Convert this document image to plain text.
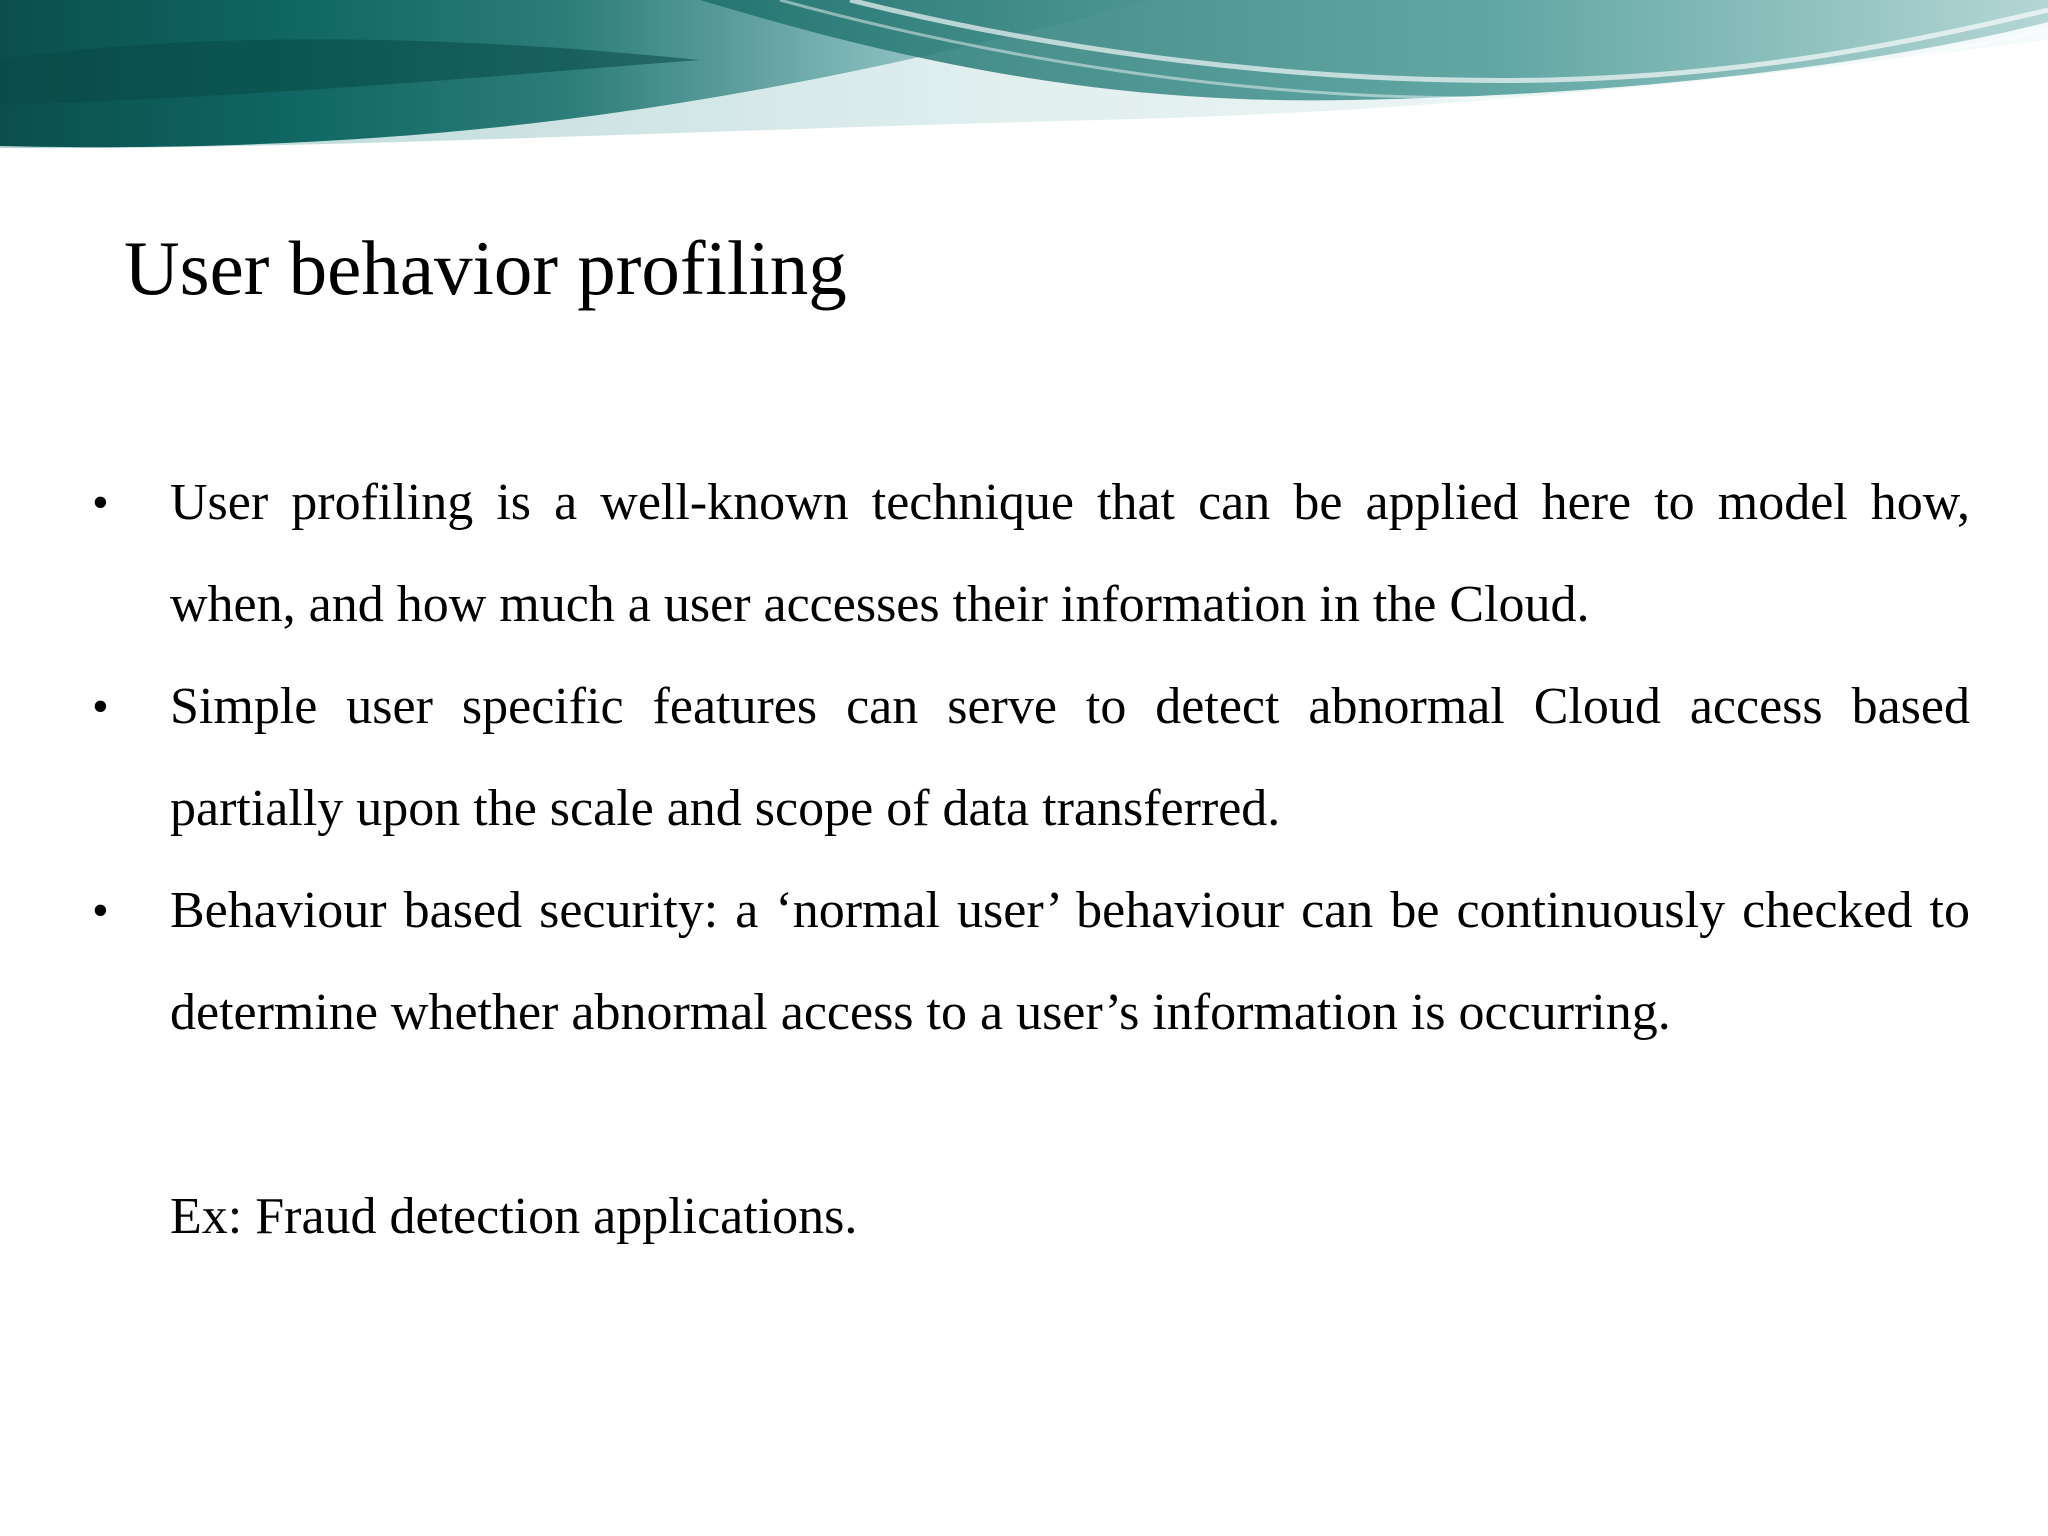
User behavior profiling
•	User profiling is a well-known technique that can be applied here to model how, when, and how much a user accesses their information in the Cloud.
•	Simple user specific features can serve to detect abnormal Cloud access based partially upon the scale and scope of data transferred.
•	Behaviour based security: a ‘normal user’ behaviour can be continuously checked to determine whether abnormal access to a user’s information is occurring.
Ex: Fraud detection applications.
